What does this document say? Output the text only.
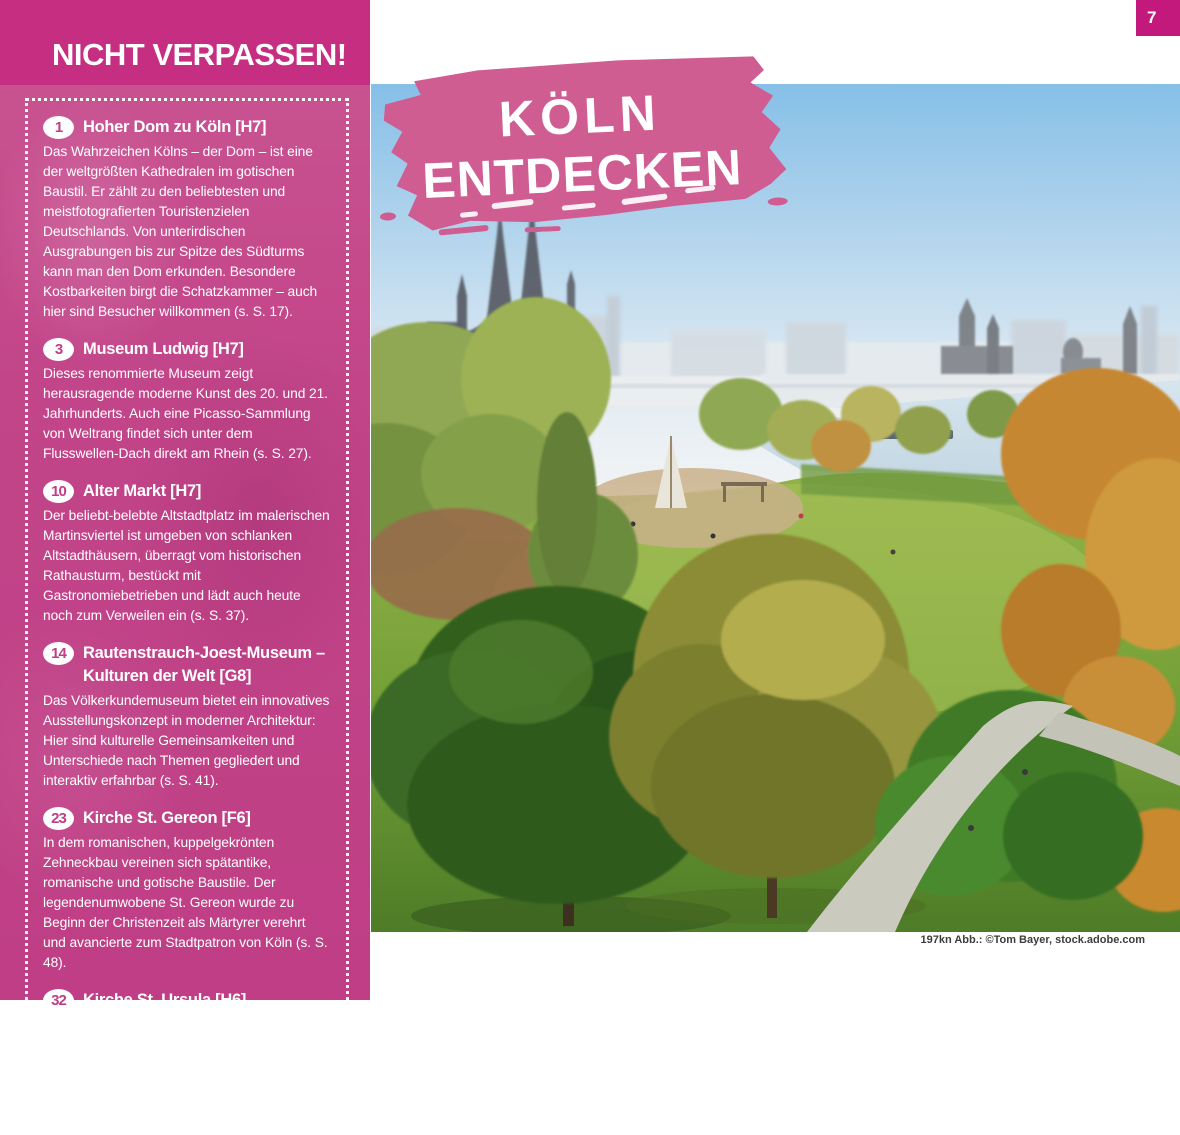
NICHT VERPASSEN!
1	Hoher Dom zu Köln [H7]
Das Wahrzeichen Kölns – der Dom – ist eine der weltgrößten Kathedralen im gotischen Baustil. Er zählt zu den beliebtesten und meistfotografierten Touristenzielen Deutschlands. Von unterirdischen Ausgrabungen bis zur Spitze des Südturms kann man den Dom erkunden. Besondere Kostbarkeiten birgt die Schatzkammer – auch hier sind Besucher willkommen (s. S. 17).
3	Museum Ludwig [H7]
Dieses renommierte Museum zeigt herausragende moderne Kunst des 20. und 21. Jahrhunderts. Auch eine Picasso-Sammlung von Weltrang findet sich unter dem Flusswellen-Dach direkt am Rhein (s. S. 27).
10	Alter Markt [H7]
Der beliebt-belebte Altstadtplatz im malerischen Martinsviertel ist umgeben von schlanken Altstadthäusern, überragt vom historischen Rathausturm, bestückt mit Gastronomiebetrieben und lädt auch heute noch zum Verweilen ein (s. S. 37).
14	Rautenstrauch-Joest-Museum – Kulturen der Welt [G8]
Das Völkerkundemuseum bietet ein innovatives Ausstellungskonzept in moderner Architektur: Hier sind kulturelle Gemeinsamkeiten und Unterschiede nach Themen gegliedert und interaktiv erfahrbar (s. S. 41).
23	Kirche St. Gereon [F6]
In dem romanischen, kuppelgekrönten Zehneckbau vereinen sich spätantike, romanische und gotische Baustile. Der legendenumwobene St. Gereon wurde zu Beginn der Christenzeit als Märtyrer verehrt und avancierte zum Stadtpatron von Köln (s. S. 48).
32	Kirche St. Ursula [H6]
Die romanische Emporenbasilika mit Gebeinkammer und ausgestelltem Kirchenschatz entstand zu Ehren der heiligen Ursula, die der Legende nach einen blutigen Märtyrertod gestorben sein soll und Kölns weiblicher Schutzpatron ist (s. S. 55).
KÖLN
ENTDECKEN
7
197kn Abb.: ©Tom Bayer, stock.adobe.com
